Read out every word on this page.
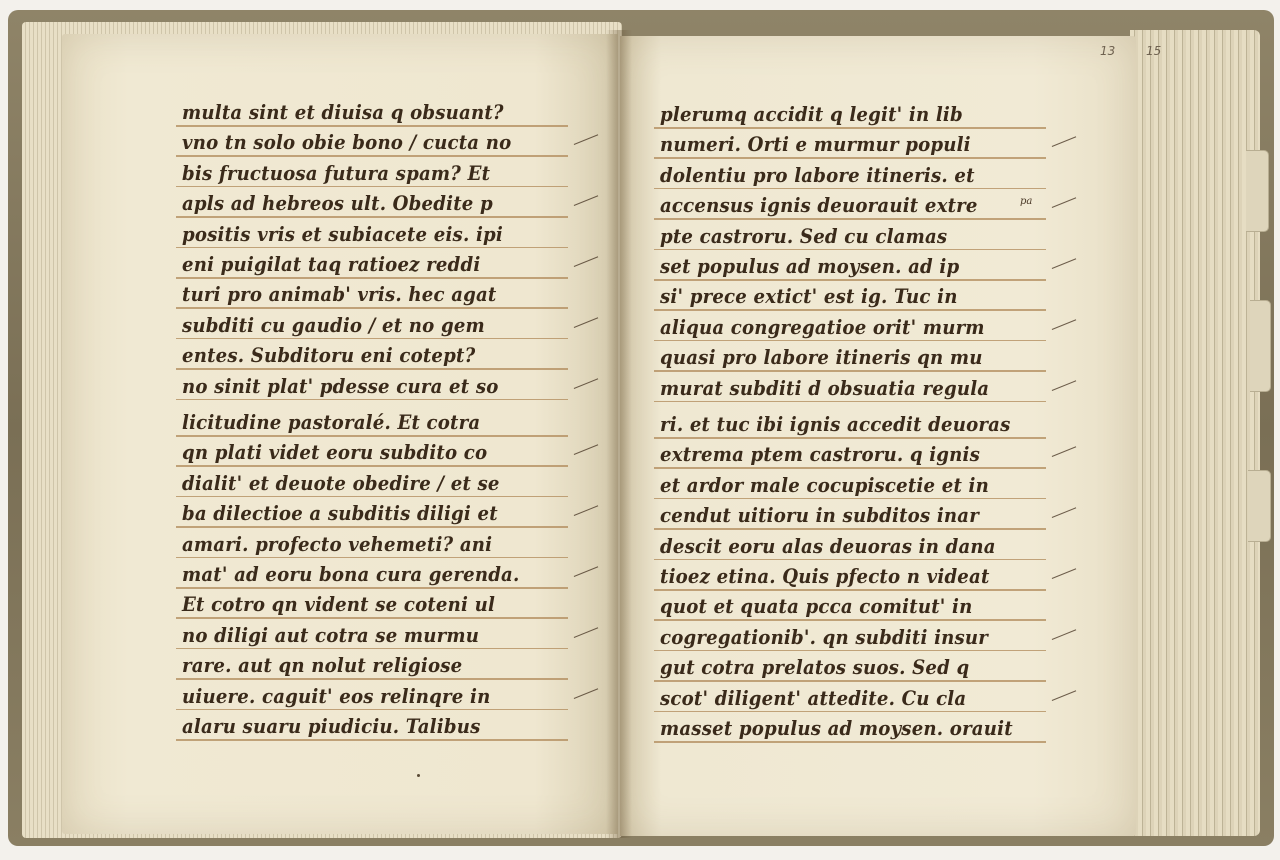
multa sint et diuisa q obsuant?
vno tn solo obie bono / cucta no
bis fructuosa futura spam? Et
apls ad hebreos ult. Obedite p
positis vris et subiacete eis. ipi
eni puigilat taq ratioez reddi
turi pro animab' vris. hec agat
subditi cu gaudio / et no gem
entes. Subditoru eni cotept?
no sinit plat' pdesse cura et so
licitudine pastoralé. Et cotra
qn plati videt eoru subdito co
dialit' et deuote obedire / et se
ba dilectioe a subditis diligi et
amari. profecto vehemeti? ani
mat' ad eoru bona cura gerenda.
Et cotro qn vident se coteni ul
no diligi aut cotra se murmu
rare. aut qn nolut religiose
uiuere. caguit' eos relinqre in
alaru suaru piudiciu. Talibus
plerumq accidit q legit' in lib
numeri. Orti e murmur populi
dolentiu pro labore itineris. et
accensus ignis deuorauit extre
pte castroru. Sed cu clamas
set populus ad moysen. ad ip
si' prece extict' est ig. Tuc in
aliqua congregatioe orit' murm
quasi pro labore itineris qn mu
murat subditi d obsuatia regula
ri. et tuc ibi ignis accedit deuoras
extrema ptem castroru. q ignis
et ardor male cocupiscetie et in
cendut uitioru in subditos inar
descit eoru alas deuoras in dana
tioez etina. Quis pfecto n videat
quot et quata pcca comitut' in
cogregationib'. qn subditi insur
gut cotra prelatos suos. Sed q
scot' diligent' attedite. Cu cla
masset populus ad moysen. orauit
pa
13	15
